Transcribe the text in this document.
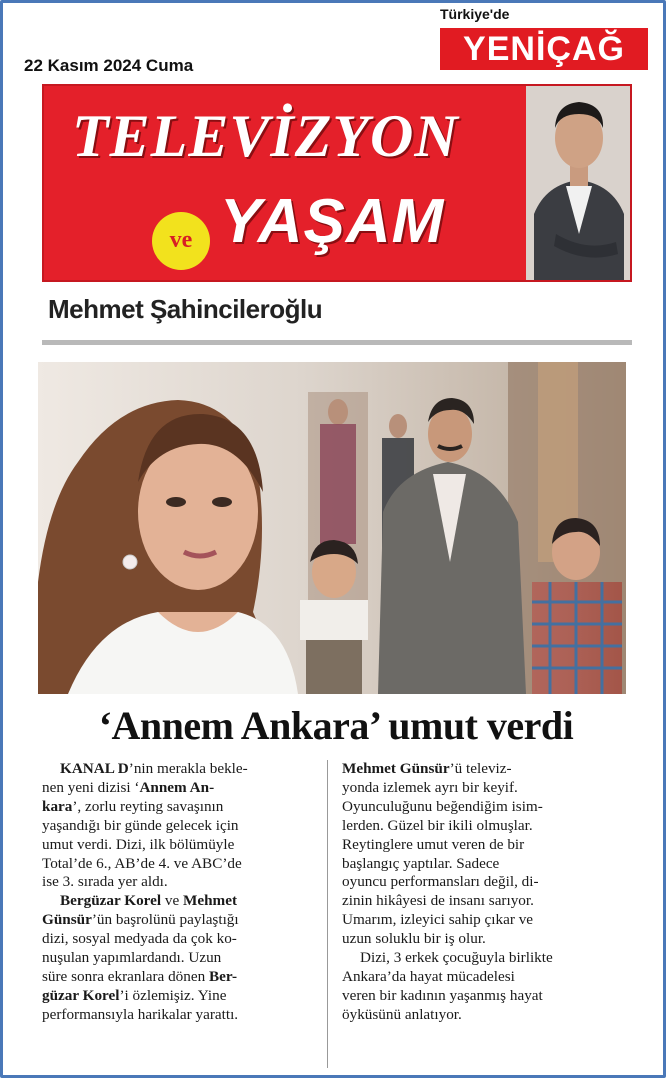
22 Kasım 2024 Cuma
Türkiye'de
YENİÇAĞ
TELEVİZYON
ve YAŞAM
Mehmet Şahincileroğlu
‘Annem Ankara’ umut verdi

KANAL D’nin merakla bekle-

nen yeni dizisi ‘Annem An-

kara’, zorlu reyting savaşının

yaşandığı bir günde gelecek için

umut verdi. Dizi, ilk bölümüyle

Total’de 6., AB’de 4. ve ABC’de

ise 3. sırada yer aldı.

Bergüzar Korel ve Mehmet

Günsür’ün başrolünü paylaştığı

dizi, sosyal medyada da çok ko-

nuşulan yapımlardandı. Uzun

süre sonra ekranlara dönen Ber-

güzar Korel’i özlemişiz. Yine

performansıyla harikalar yarattı.

Mehmet Günsür’ü televiz-

yonda izlemek ayrı bir keyif.

Oyunculuğunu beğendiğim isim-

lerden. Güzel bir ikili olmuşlar.

Reytinglere umut veren de bir

başlangıç yaptılar. Sadece

oyuncu performansları değil, di-

zinin hikâyesi de insanı sarıyor.

Umarım, izleyici sahip çıkar ve

uzun soluklu bir iş olur.

Dizi, 3 erkek çocuğuyla birlikte

Ankara’da hayat mücadelesi

veren bir kadının yaşanmış hayat

öyküsünü anlatıyor.
